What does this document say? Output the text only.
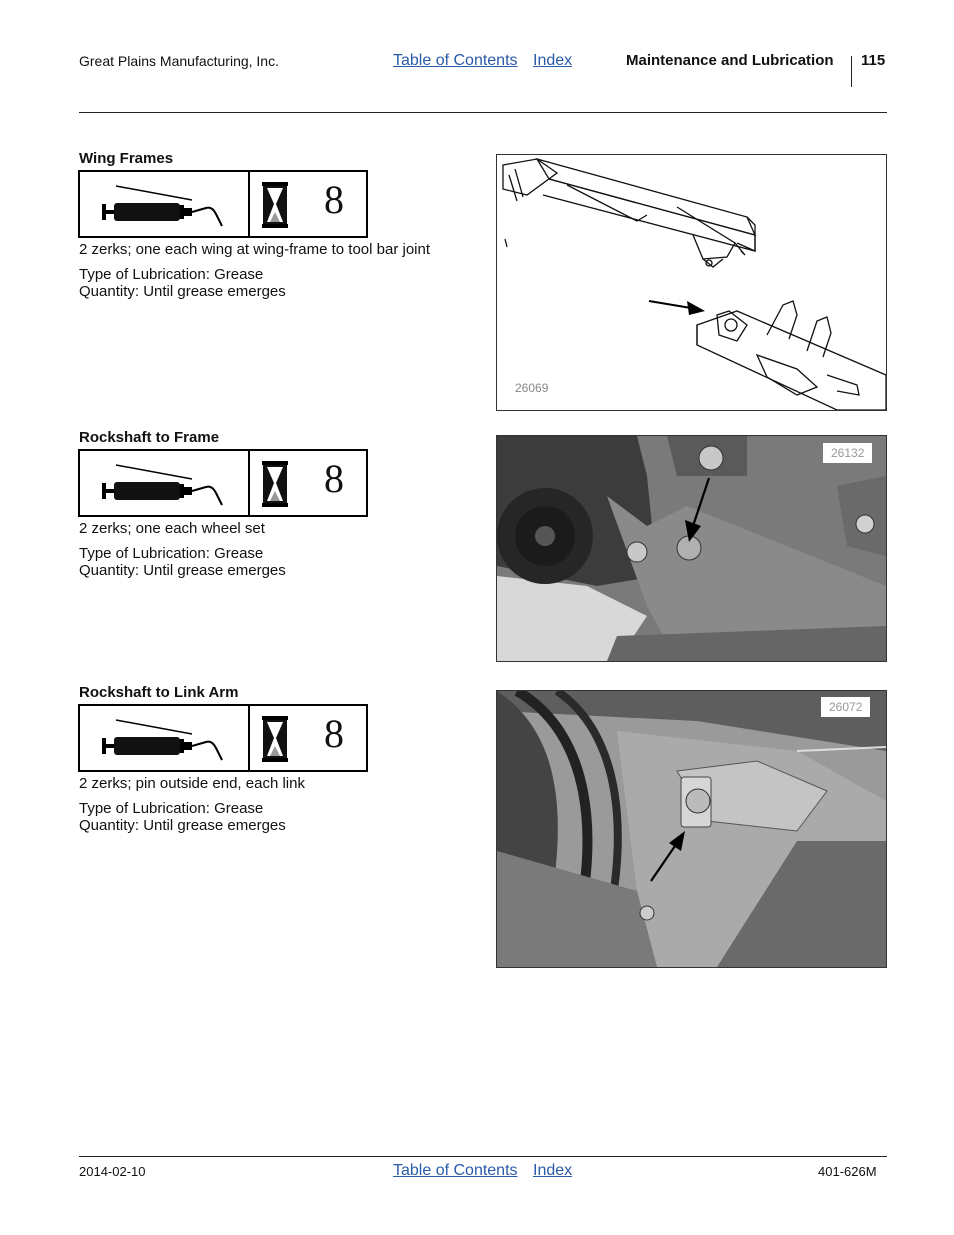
Great Plains Manufacturing, Inc.	Table of Contents Index	Maintenance and Lubrication 115
Wing Frames
8
2 zerks; one each wing at wing-frame to tool bar joint
Type of Lubrication: Grease
Quantity: Until grease emerges
26069
Rockshaft to Frame
8
2 zerks; one each wheel set
Type of Lubrication: Grease
Quantity: Until grease emerges
26132
Rockshaft to Link Arm
8
2 zerks; pin outside end, each link
Type of Lubrication: Grease
Quantity: Until grease emerges
26072
2014-02-10	Table of Contents Index	401-626M
